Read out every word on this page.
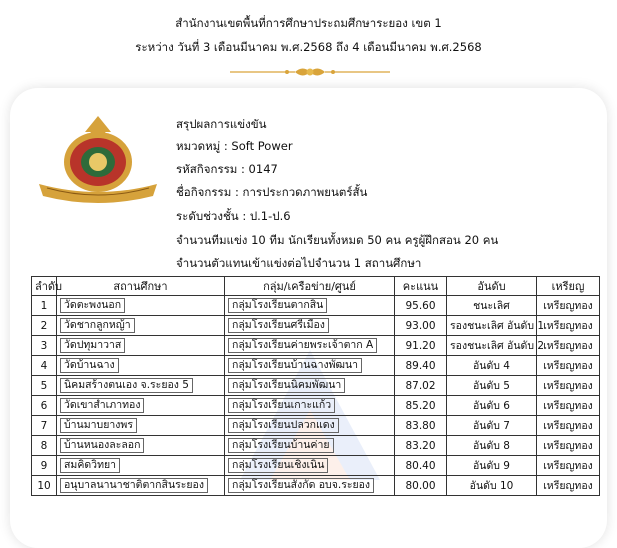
สำนักงานเขตพื้นที่การศึกษาประถมศึกษาระยอง เขต 1
ระหว่าง วันที่ 3 เดือนมีนาคม พ.ศ.2568 ถึง 4 เดือนมีนาคม พ.ศ.2568
สรุปผลการแข่งขัน
หมวดหมู่ : Soft Power
รหัสกิจกรรม : 0147
ชื่อกิจกรรม : การประกวดภาพยนตร์สั้น
ระดับช่วงชั้น : ป.1-ป.6
จำนวนทีมแข่ง 10 ทีม นักเรียนทั้งหมด 50 คน ครูผู้ฝึกสอน 20 คน
จำนวนตัวแทนเข้าแข่งต่อไปจำนวน 1 สถานศึกษา
ลำดับ	สถานศึกษา	กลุ่ม/เครือข่าย/ศูนย์	คะแนน	อันดับ	เหรียญ
1	วัดตะพงนอก	กลุ่มโรงเรียนตากสิน	95.60	ชนะเลิศ	เหรียญทอง
2	วัดชากลูกหญ้า	กลุ่มโรงเรียนศรีเมือง	93.00	รองชนะเลิศ อันดับ 1	เหรียญทอง
3	วัดปทุมาวาส	กลุ่มโรงเรียนค่ายพระเจ้าตาก A	91.20	รองชนะเลิศ อันดับ 2	เหรียญทอง
4	วัดบ้านฉาง	กลุ่มโรงเรียนบ้านฉางพัฒนา	89.40	อันดับ 4	เหรียญทอง
5	นิคมสร้างตนเอง จ.ระยอง 5	กลุ่มโรงเรียนนิคมพัฒนา	87.02	อันดับ 5	เหรียญทอง
6	วัดเขาสำเภาทอง	กลุ่มโรงเรียนเกาะแก้ว	85.20	อันดับ 6	เหรียญทอง
7	บ้านมาบยางพร	กลุ่มโรงเรียนปลวกแดง	83.80	อันดับ 7	เหรียญทอง
8	บ้านหนองละลอก	กลุ่มโรงเรียนบ้านค่าย	83.20	อันดับ 8	เหรียญทอง
9	สมคิดวิทยา	กลุ่มโรงเรียนเชิงเนิน	80.40	อันดับ 9	เหรียญทอง
10	อนุบาลนานาชาติตากสินระยอง	กลุ่มโรงเรียนสังกัด อบจ.ระยอง	80.00	อันดับ 10	เหรียญทอง
